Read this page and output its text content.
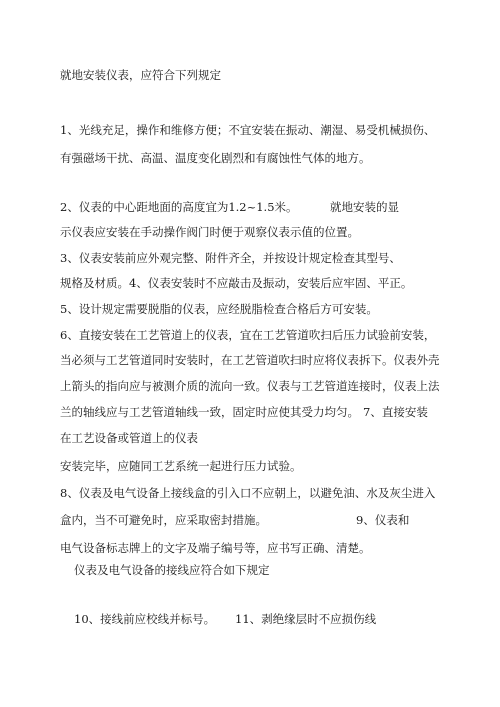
就地安装仪表，应符合下列规定
1、光线充足，操作和维修方便；不宜安装在振动、潮湿、易受机械损伤、
有强磁场干扰、高温、温度变化剧烈和有腐蚀性气体的地方。
2、仪表的中心距地面的高度宜为1.2~1.5米。	就地安装的显
示仪表应安装在手动操作阀门时便于观察仪表示值的位置。
3、仪表安装前应外观完整、附件齐全，并按设计规定检查其型号、
规格及材质。4、仪表安装时不应敲击及振动，安装后应牢固、平正。
5、设计规定需要脱脂的仪表，应经脱脂检查合格后方可安装。
6、直接安装在工艺管道上的仪表，宜在工艺管道吹扫后压力试验前安装，
当必须与工艺管道同时安装时，在工艺管道吹扫时应将仪表拆下。仪表外壳
上箭头的指向应与被测介质的流向一致。仪表与工艺管道连接时，仪表上法
兰的轴线应与工艺管道轴线一致，固定时应使其受力均匀。 7、直接安装
在工艺设备或管道上的仪表
安装完毕，应随同工艺系统一起进行压力试验。
8、仪表及电气设备上接线盒的引入口不应朝上，以避免油、水及灰尘进入
盒内，当不可避免时，应采取密封措施。	9、仪表和
电气设备标志牌上的文字及端子编号等，应书写正确、清楚。
仪表及电气设备的接线应符合如下规定
10、接线前应校线并标号。 11、剥绝缘层时不应损伤线
